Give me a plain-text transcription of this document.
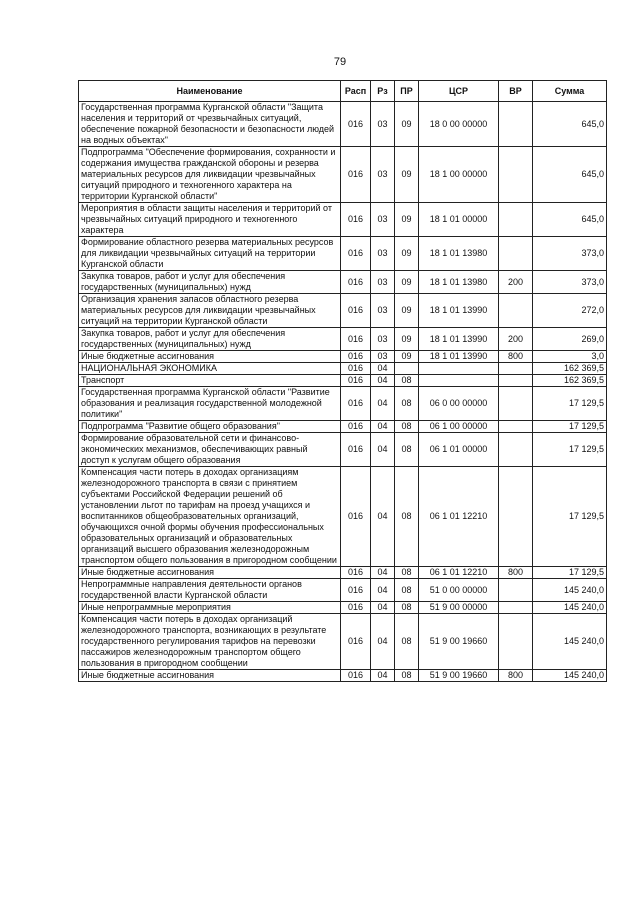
79
Наименование	Расп	Рз	ПР	ЦСР	ВР	Сумма
Государственная программа Курганской области "Защита населения и территорий от чрезвычайных ситуаций, обеспечение пожарной безопасности и безопасности людей на водных объектах"	016	03	09	18 0 00 00000		645,0
Подпрограмма "Обеспечение формирования, сохранности и содержания имущества гражданской обороны и резерва материальных ресурсов для ликвидации чрезвычайных ситуаций природного и техногенного характера на территории Курганской области"	016	03	09	18 1 00 00000		645,0
Мероприятия в области защиты населения и территорий от чрезвычайных ситуаций природного и техногенного характера	016	03	09	18 1 01 00000		645,0
Формирование областного резерва материальных ресурсов для ликвидации чрезвычайных ситуаций на территории Курганской области	016	03	09	18 1 01 13980		373,0
Закупка товаров, работ и услуг для обеспечения государственных (муниципальных) нужд	016	03	09	18 1 01 13980	200	373,0
Организация хранения запасов областного резерва материальных ресурсов для ликвидации чрезвычайных ситуаций на территории Курганской области	016	03	09	18 1 01 13990		272,0
Закупка товаров, работ и услуг для обеспечения государственных (муниципальных) нужд	016	03	09	18 1 01 13990	200	269,0
Иные бюджетные ассигнования	016	03	09	18 1 01 13990	800	3,0
НАЦИОНАЛЬНАЯ ЭКОНОМИКА	016	04				162 369,5
Транспорт	016	04	08			162 369,5
Государственная программа Курганской области "Развитие образования и реализация государственной молодежной политики"	016	04	08	06 0 00 00000		17 129,5
Подпрограмма "Развитие общего образования"	016	04	08	06 1 00 00000		17 129,5
Формирование образовательной сети и финансово-экономических механизмов, обеспечивающих равный доступ к услугам общего образования	016	04	08	06 1 01 00000		17 129,5
Компенсация части потерь в доходах организациям железнодорожного транспорта в связи с принятием субъектами Российской Федерации решений об установлении льгот по тарифам на проезд учащихся и воспитанников общеобразовательных организаций, обучающихся очной формы обучения профессиональных образовательных организаций и образовательных организаций высшего образования железнодорожным транспортом общего пользования в пригородном сообщении	016	04	08	06 1 01 12210		17 129,5
Иные бюджетные ассигнования	016	04	08	06 1 01 12210	800	17 129,5
Непрограммные направления деятельности органов государственной власти Курганской области	016	04	08	51 0 00 00000		145 240,0
Иные непрограммные мероприятия	016	04	08	51 9 00 00000		145 240,0
Компенсация части потерь в доходах организаций железнодорожного транспорта, возникающих в результате государственного регулирования тарифов на перевозки пассажиров железнодорожным транспортом общего пользования в пригородном сообщении	016	04	08	51 9 00 19660		145 240,0
Иные бюджетные ассигнования	016	04	08	51 9 00 19660	800	145 240,0
